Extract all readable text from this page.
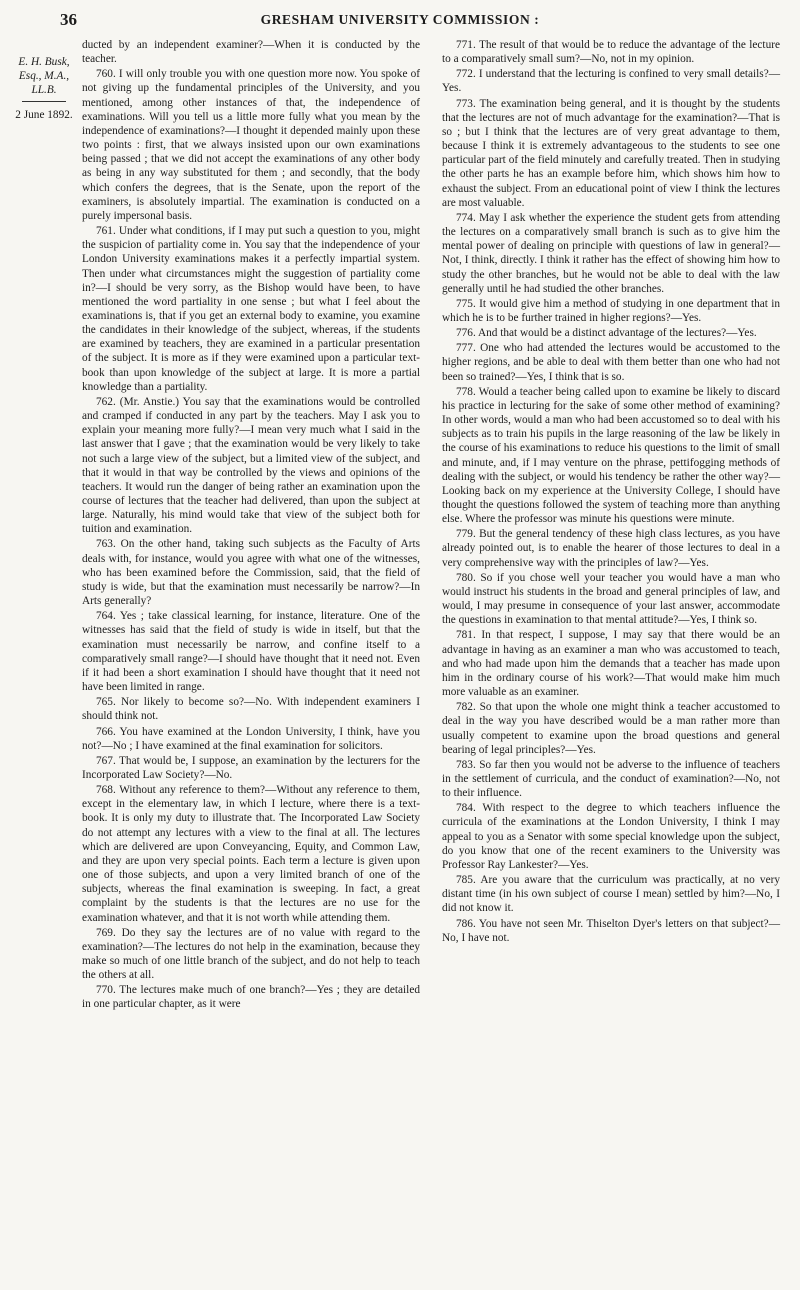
36	GRESHAM UNIVERSITY COMMISSION :
E. H. Busk, Esq., M.A., LL.B.
2 June 1892.

ducted by an independent examiner?—When it is conducted by the teacher.

760. I will only trouble you with one question more now. You spoke of not giving up the fundamental principles of the University, and you mentioned, among other instances of that, the independence of examinations. Will you tell us a little more fully what you mean by the independence of examinations?—I thought it depended mainly upon these two points : first, that we always insisted upon our own examinations being passed ; that we did not accept the examinations of any other body as being in any way substituted for them ; and secondly, that the body which confers the degrees, that is the Senate, upon the report of the examiners, is absolutely impartial. The examination is conducted on a purely impersonal basis.

761. Under what conditions, if I may put such a question to you, might the suspicion of partiality come in. You say that the independence of your London University examinations makes it a perfectly impartial system. Then under what circumstances might the suggestion of partiality come in?—I should be very sorry, as the Bishop would have been, to have mentioned the word partiality in one sense ; but what I feel about the examinations is, that if you get an external body to examine, you examine the candidates in their knowledge of the subject, whereas, if the students are examined by teachers, they are examined in a particular presentation of the subject. It is more as if they were examined upon a particular text-book than upon knowledge of the subject at large. It is more a partial knowledge than a partiality.

762. (Mr. Anstie.) You say that the examinations would be controlled and cramped if conducted in any part by the teachers. May I ask you to explain your meaning more fully?—I mean very much what I said in the last answer that I gave ; that the examination would be very likely to take not such a large view of the subject, but a limited view of the subject, and that it would in that way be controlled by the views and opinions of the teachers. It would run the danger of being rather an examination upon the course of lectures that the teacher had delivered, than upon the subject at large. Naturally, his mind would take that view of the subject both for tuition and examination.

763. On the other hand, taking such subjects as the Faculty of Arts deals with, for instance, would you agree with what one of the witnesses, who has been examined before the Commission, said, that the field of study is wide, but that the examination must necessarily be narrow?—In Arts generally?

764. Yes ; take classical learning, for instance, literature. One of the witnesses has said that the field of study is wide in itself, but that the examination must necessarily be narrow, and confine itself to a comparatively small range?—I should have thought that it need not. Even if it had been a short examination I should have thought that it need not have been limited in range.

765. Nor likely to become so?—No. With independent examiners I should think not.

766. You have examined at the London University, I think, have you not?—No ; I have examined at the final examination for solicitors.

767. That would be, I suppose, an examination by the lecturers for the Incorporated Law Society?—No.

768. Without any reference to them?—Without any reference to them, except in the elementary law, in which I lecture, where there is a text-book. It is only my duty to illustrate that. The Incorporated Law Society do not attempt any lectures with a view to the final at all. The lectures which are delivered are upon Conveyancing, Equity, and Common Law, and they are upon very special points. Each term a lecture is given upon one of those subjects, and upon a very limited branch of one of the subjects, whereas the final examination is sweeping. In fact, a great complaint by the students is that the lectures are no use for the examination whatever, and that it is not worth while attending them.

769. Do they say the lectures are of no value with regard to the examination?—The lectures do not help in the examination, because they make so much of one little branch of the subject, and do not help to teach the others at all.

770. The lectures make much of one branch?—Yes ; they are detailed in one particular chapter, as it were

771. The result of that would be to reduce the advantage of the lecture to a comparatively small sum?—No, not in my opinion.

772. I understand that the lecturing is confined to very small details?—Yes.

773. The examination being general, and it is thought by the students that the lectures are not of much advantage for the examination?—That is so ; but I think that the lectures are of very great advantage to them, because I think it is extremely advantageous to the students to see one particular part of the field minutely and carefully treated. Then in studying the other parts he has an example before him, which shows him how to exhaust the subject. From an educational point of view I think the lectures are most valuable.

774. May I ask whether the experience the student gets from attending the lectures on a comparatively small branch is such as to give him the mental power of dealing on principle with questions of law in general?—Not, I think, directly. I think it rather has the effect of showing him how to study the other branches, but he would not be able to deal with the law generally until he had studied the other branches.

775. It would give him a method of studying in one department that in which he is to be further trained in higher regions?—Yes.

776. And that would be a distinct advantage of the lectures?—Yes.

777. One who had attended the lectures would be accustomed to the higher regions, and be able to deal with them better than one who had not been so trained?—Yes, I think that is so.

778. Would a teacher being called upon to examine be likely to discard his practice in lecturing for the sake of some other method of examining? In other words, would a man who had been accustomed so to deal with his subjects as to train his pupils in the large reasoning of the law be likely in the course of his examinations to reduce his questions to the limit of small and minute, and, if I may venture on the phrase, pettifogging methods of dealing with the subject, or would his tendency be rather the other way?—Looking back on my experience at the University College, I should have thought the questions followed the system of teaching more than anything else. Where the professor was minute his questions were minute.

779. But the general tendency of these high class lectures, as you have already pointed out, is to enable the hearer of those lectures to deal in a very comprehensive way with the principles of law?—Yes.

780. So if you chose well your teacher you would have a man who would instruct his students in the broad and general principles of law, and would, I may presume in consequence of your last answer, accommodate the questions in examination to that mental attitude?—Yes, I think so.

781. In that respect, I suppose, I may say that there would be an advantage in having as an examiner a man who was accustomed to teach, and who had made upon him the demands that a teacher has made upon him in the ordinary course of his work?—That would make him much more valuable as an examiner.

782. So that upon the whole one might think a teacher accustomed to deal in the way you have described would be a man rather more than usually competent to examine upon the broad questions and general bearing of legal principles?—Yes.

783. So far then you would not be adverse to the influence of teachers in the settlement of curricula, and the conduct of examination?—No, not to their influence.

784. With respect to the degree to which teachers influence the curricula of the examinations at the London University, I think I may appeal to you as a Senator with some special knowledge upon the subject, do you know that one of the recent examiners to the University was Professor Ray Lankester?—Yes.

785. Are you aware that the curriculum was practically, at no very distant time (in his own subject of course I mean) settled by him?—No, I did not know it.

786. You have not seen Mr. Thiselton Dyer's letters on that subject?—No, I have not.
